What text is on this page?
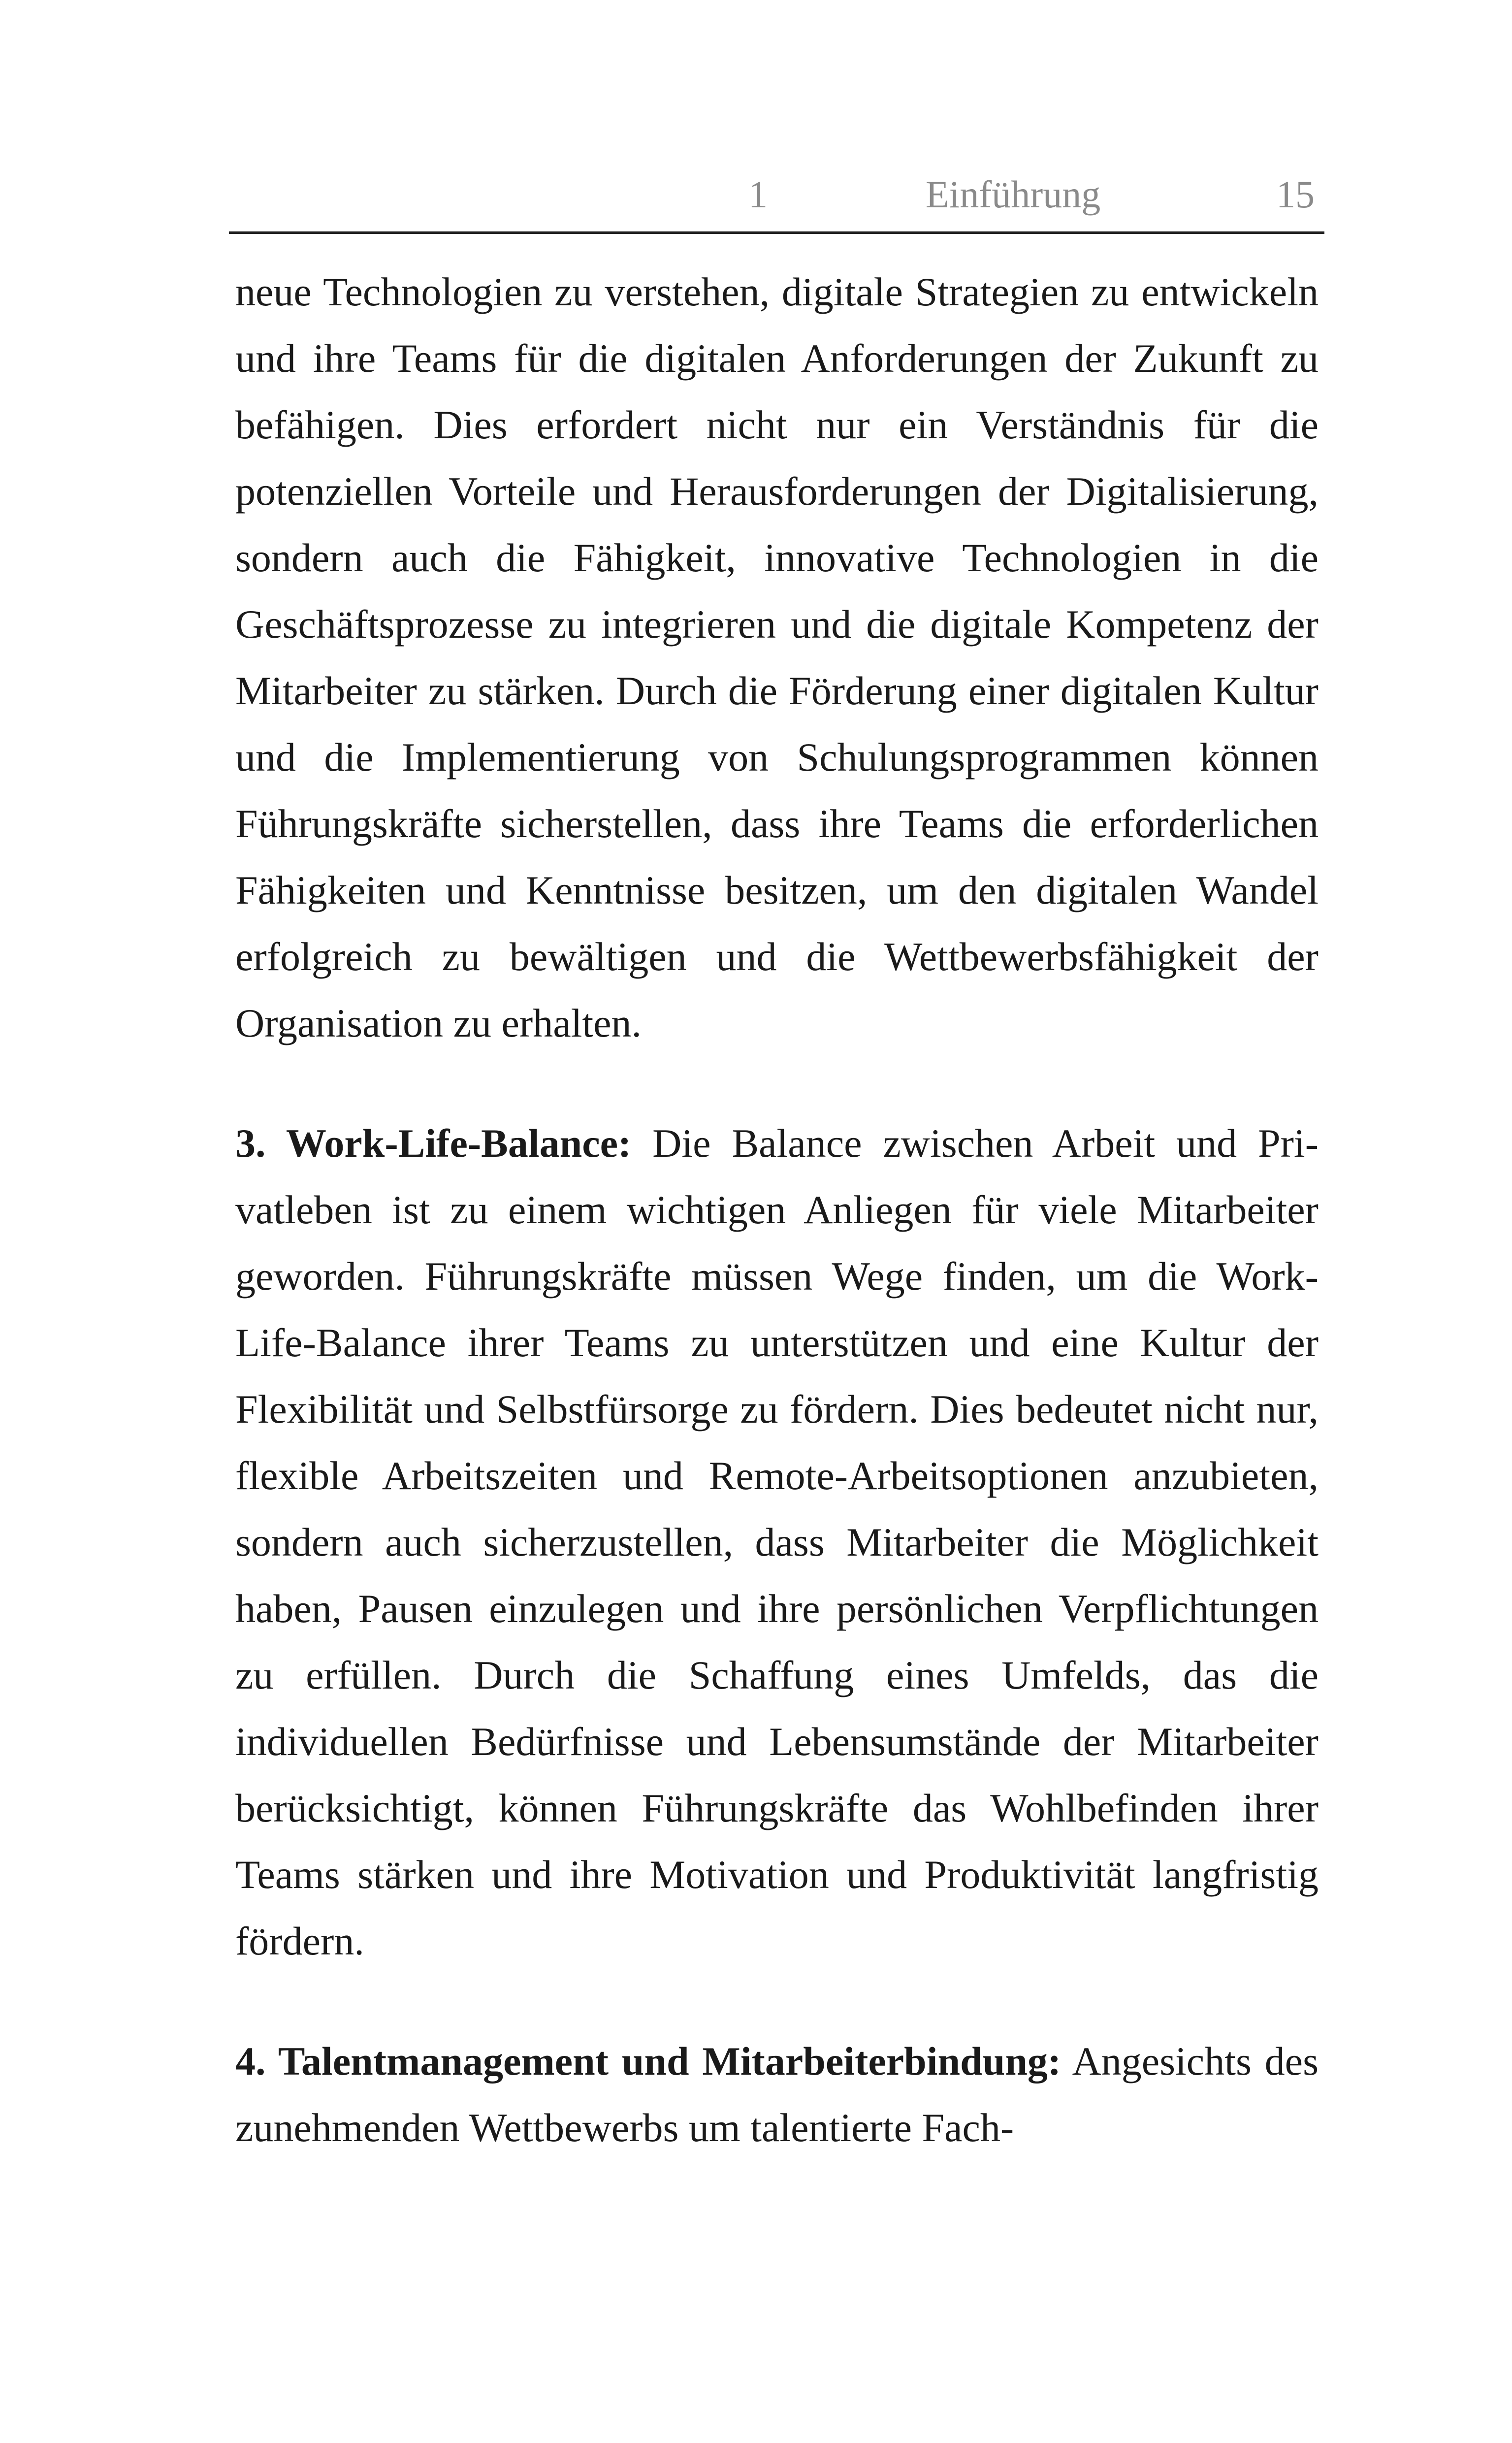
1	Einführung	15

neue Technologien zu verstehen, digitale Strategien zu entwickeln und ihre Teams für die digitalen Anforderungen der Zukunft zu befähigen. Dies erfordert nicht nur ein Verständnis für die potenziellen Vorteile und Herausforderungen der Digitalisierung, sondern auch die Fähigkeit, innovative Technologien in die Geschäftsprozesse zu integrieren und die digitale Kompetenz der Mitarbeiter zu stärken. Durch die Förderung einer digitalen Kultur und die Implementierung von Schulungsprogrammen können Führungskräfte sicherstellen, dass ihre Teams die erforderlichen Fähigkeiten und Kenntnisse besitzen, um den digitalen Wandel erfolgreich zu bewältigen und die Wettbewerbsfähigkeit der Organisation zu erhalten.

3. Work-Life-Balance: Die Balance zwischen Arbeit und Privatleben ist zu einem wichtigen Anliegen für viele Mitarbeiter geworden. Führungskräfte müssen Wege finden, um die Work-Life-Balance ihrer Teams zu unterstützen und eine Kultur der Flexibilität und Selbstfürsorge zu fördern. Dies bedeutet nicht nur, flexible Arbeitszeiten und Remote-Arbeitsoptionen anzubieten, sondern auch sicherzustellen, dass Mitarbeiter die Möglichkeit haben, Pausen einzulegen und ihre persönlichen Verpflichtungen zu erfüllen. Durch die Schaffung eines Umfelds, das die individuellen Bedürfnisse und Lebensumstände der Mitarbeiter berücksichtigt, können Führungskräfte das Wohlbefinden ihrer Teams stärken und ihre Motivation und Produktivität langfristig fördern.

4. Talentmanagement und Mitarbeiterbindung: Angesichts des zunehmenden Wettbewerbs um talentierte Fach-
